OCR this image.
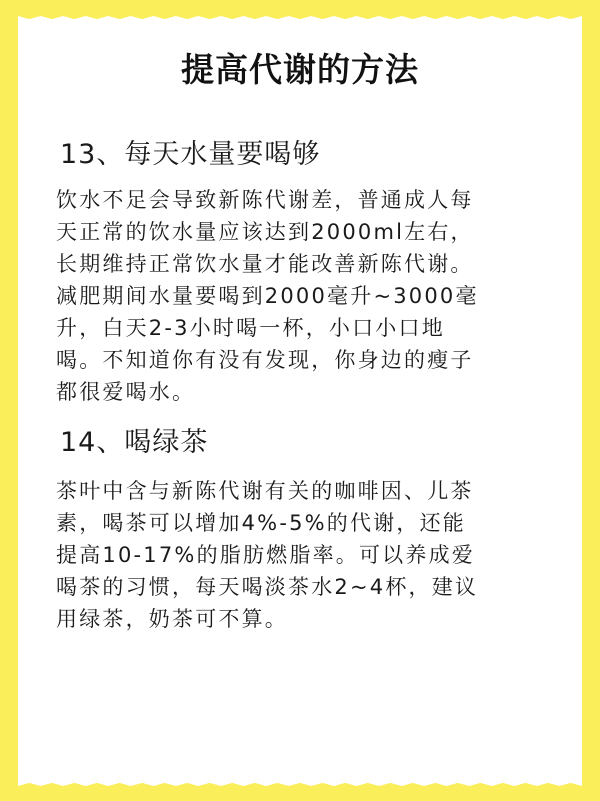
提高代谢的方法
13、每天水量要喝够

饮水不足会导致新陈代谢差，普通成人每
天正常的饮水量应该达到2000ml左右，
长期维持正常饮水量才能改善新陈代谢。
减肥期间水量要喝到2000毫升~3000毫
升，白天2-3小时喝一杯，小口小口地
喝。不知道你有没有发现，你身边的瘦子
都很爱喝水。

14、喝绿茶

茶叶中含与新陈代谢有关的咖啡因、儿茶
素，喝茶可以增加4%-5%的代谢，还能
提高10-17%的脂肪燃脂率。可以养成爱
喝茶的习惯，每天喝淡茶水2~4杯，建议
用绿茶，奶茶可不算。
